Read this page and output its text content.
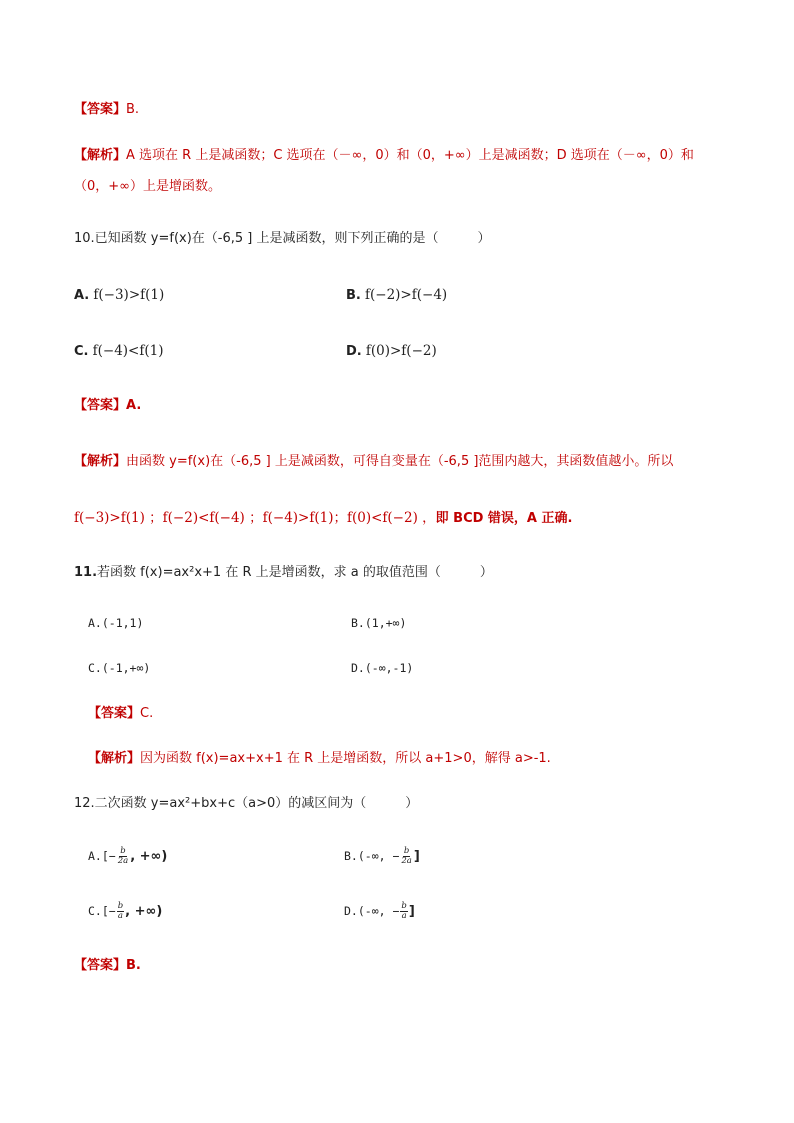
【答案】B.
【解析】A 选项在 R 上是减函数；C 选项在（－∞，0）和（0，+∞）上是减函数；D 选项在（－∞，0）和
（0，+∞）上是增函数。
10.已知函数 y=f(x)在（-6,5 ] 上是减函数，则下列正确的是（　　　）
A. f(−3)>f(1)	B. f(−2)>f(−4)
C. f(−4)<f(1)	D. f(0)>f(−2)
【答案】A.
【解析】由函数 y=f(x)在（-6,5 ] 上是减函数，可得自变量在（-6,5 ]范围内越大，其函数值越小。所以
f(−3)>f(1) ；f(−2)<f(−4) ；f(−4)>f(1)；f(0)<f(−2) ，即 BCD 错误，A 正确.
11.若函数 f(x)=ax²x+1 在 R 上是增函数，求 a 的取值范围（　　　）
A.(-1,1)	B.(1,+∞)
C.(-1,+∞)	D.(-∞,-1)
【答案】C.
【解析】因为函数 f(x)=ax+x+1 在 R 上是增函数，所以 a+1>0，解得 a>-1.
12.二次函数 y=ax²+bx+c（a>0）的减区间为（　　　）
$A.[- \frac{b}{2a}$ , +∞)	B.(-∞, − $\frac{b}{2a}$ ]
$C.[- \frac{b}{a}$ , +∞)	D.(-∞, − $\frac{b}{a}$ ]
【答案】B.
